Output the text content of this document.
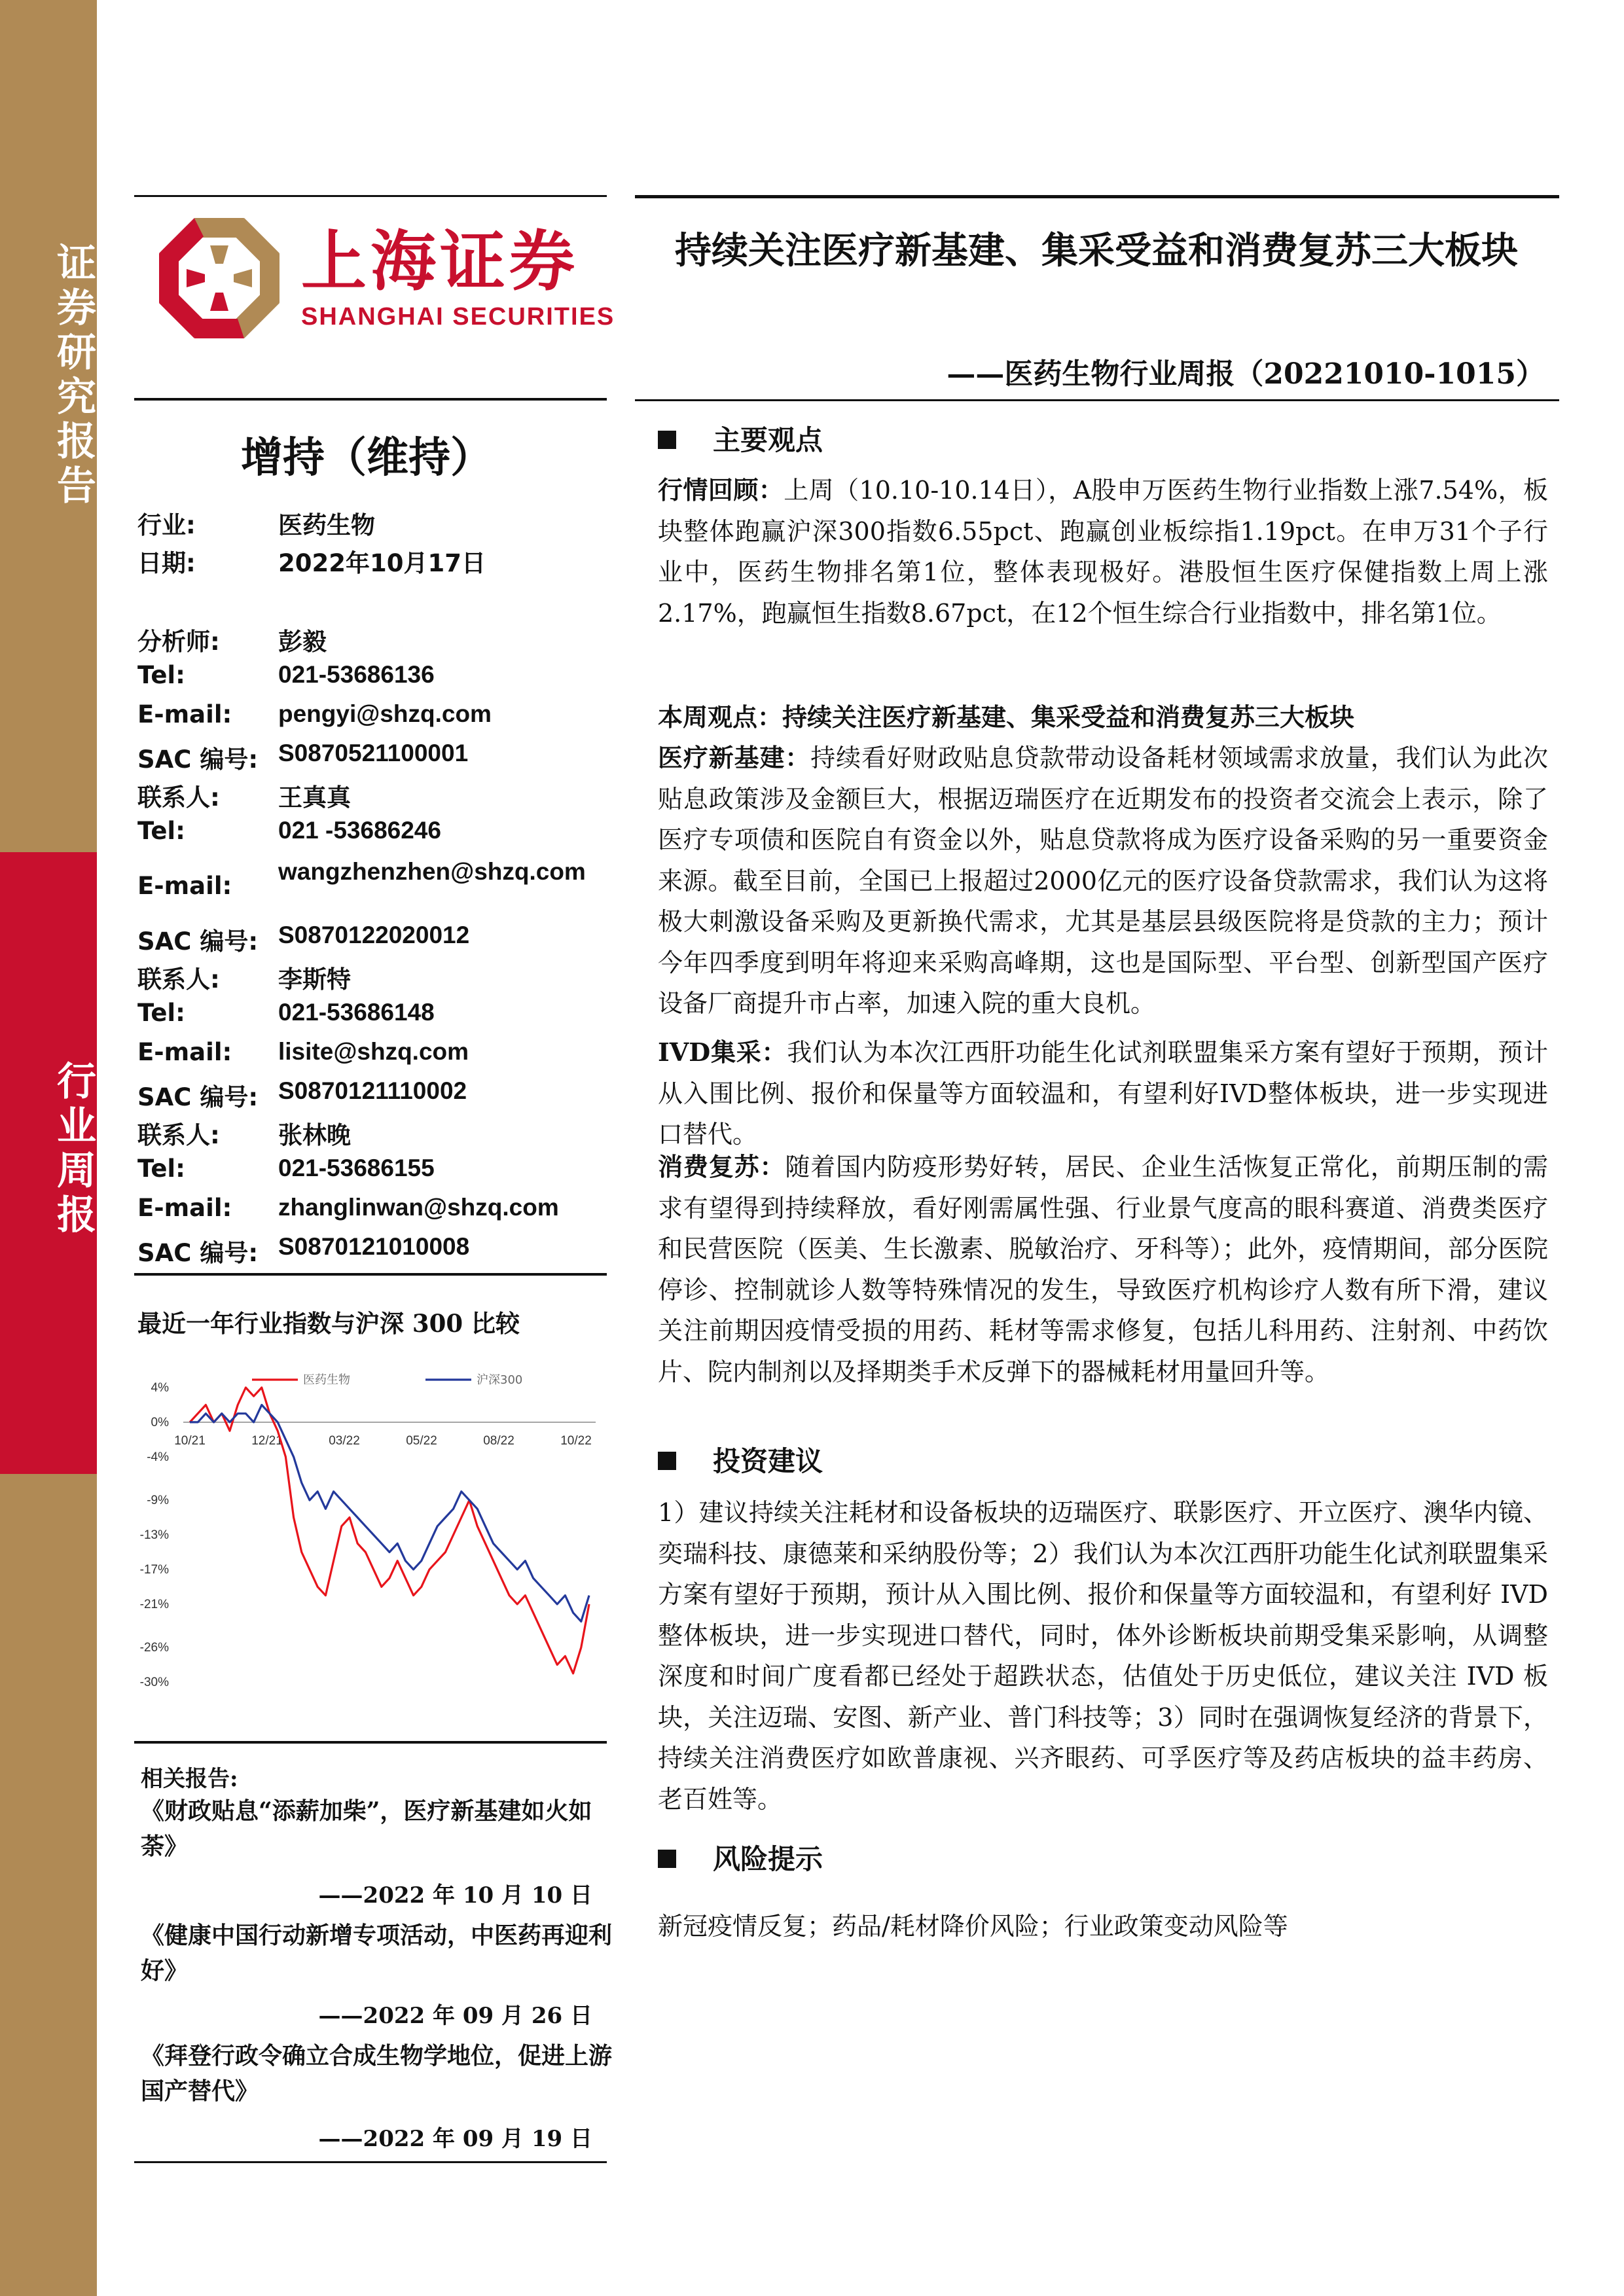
证券研究报告
行业周报
上海证券
SHANGHAI SECURITIES
持续关注医疗新基建、集采受益和消费复苏三大板块
——医药生物行业周报（20221010-1015）
增持（维持）
行业:	医药生物
日期:	2022年10月17日
分析师: 彭毅
Tel:	021-53686136
E-mail: pengyi@shzq.com
SAC 编号: S0870521100001
联系人: 王真真
Tel:	021 -53686246
E-mail:
wangzhenzhen@shzq.com
SAC 编号: S0870122020012
联系人: 李斯特
Tel:	021-53686148
E-mail: lisite@shzq.com
SAC 编号: S0870121110002
联系人: 张林晚
Tel:	021-53686155
E-mail: zhanglinwan@shzq.com
SAC 编号: S0870121010008
最近一年行业指数与沪深 300 比较
4%
0%
-4%
-9%
-13%
-17%
-21%
-26%
-30%
10/21	12/21	03/22	05/22	08/22	10/22
医药生物	沪深300
相关报告:
《财政贴息“添薪加柴”，医疗新基建如火如荼》
——2022 年 10 月 10 日
《健康中国行动新增专项活动，中医药再迎利好》
——2022 年 09 月 26 日
《拜登行政令确立合成生物学地位，促进上游国产替代》
——2022 年 09 月 19 日
主要观点
行情回顾：上周（10.10-10.14日），A股申万医药生物行业指数上涨7.54%，板块整体跑赢沪深300指数6.55pct、跑赢创业板综指1.19pct。在申万31个子行业中，医药生物排名第1位，整体表现极好。港股恒生医疗保健指数上周上涨2.17%，跑赢恒生指数8.67pct，在12个恒生综合行业指数中，排名第1位。
本周观点：持续关注医疗新基建、集采受益和消费复苏三大板块
医疗新基建：持续看好财政贴息贷款带动设备耗材领域需求放量，我们认为此次贴息政策涉及金额巨大，根据迈瑞医疗在近期发布的投资者交流会上表示，除了医疗专项债和医院自有资金以外，贴息贷款将成为医疗设备采购的另一重要资金来源。截至目前，全国已上报超过2000亿元的医疗设备贷款需求，我们认为这将极大刺激设备采购及更新换代需求，尤其是基层县级医院将是贷款的主力；预计今年四季度到明年将迎来采购高峰期，这也是国际型、平台型、创新型国产医疗设备厂商提升市占率，加速入院的重大良机。
IVD集采：我们认为本次江西肝功能生化试剂联盟集采方案有望好于预期，预计从入围比例、报价和保量等方面较温和，有望利好IVD整体板块，进一步实现进口替代。
消费复苏：随着国内防疫形势好转，居民、企业生活恢复正常化，前期压制的需求有望得到持续释放，看好刚需属性强、行业景气度高的眼科赛道、消费类医疗和民营医院（医美、生长激素、脱敏治疗、牙科等）；此外，疫情期间，部分医院停诊、控制就诊人数等特殊情况的发生，导致医疗机构诊疗人数有所下滑，建议关注前期因疫情受损的用药、耗材等需求修复，包括儿科用药、注射剂、中药饮片、院内制剂以及择期类手术反弹下的器械耗材用量回升等。
投资建议
1）建议持续关注耗材和设备板块的迈瑞医疗、联影医疗、开立医疗、澳华内镜、奕瑞科技、康德莱和采纳股份等；2）我们认为本次江西肝功能生化试剂联盟集采方案有望好于预期，预计从入围比例、报价和保量等方面较温和，有望利好 IVD 整体板块，进一步实现进口替代，同时，体外诊断板块前期受集采影响，从调整深度和时间广度看都已经处于超跌状态，估值处于历史低位，建议关注 IVD 板块，关注迈瑞、安图、新产业、普门科技等；3）同时在强调恢复经济的背景下，持续关注消费医疗如欧普康视、兴齐眼药、可孚医疗等及药店板块的益丰药房、老百姓等。
风险提示
新冠疫情反复；药品/耗材降价风险；行业政策变动风险等
